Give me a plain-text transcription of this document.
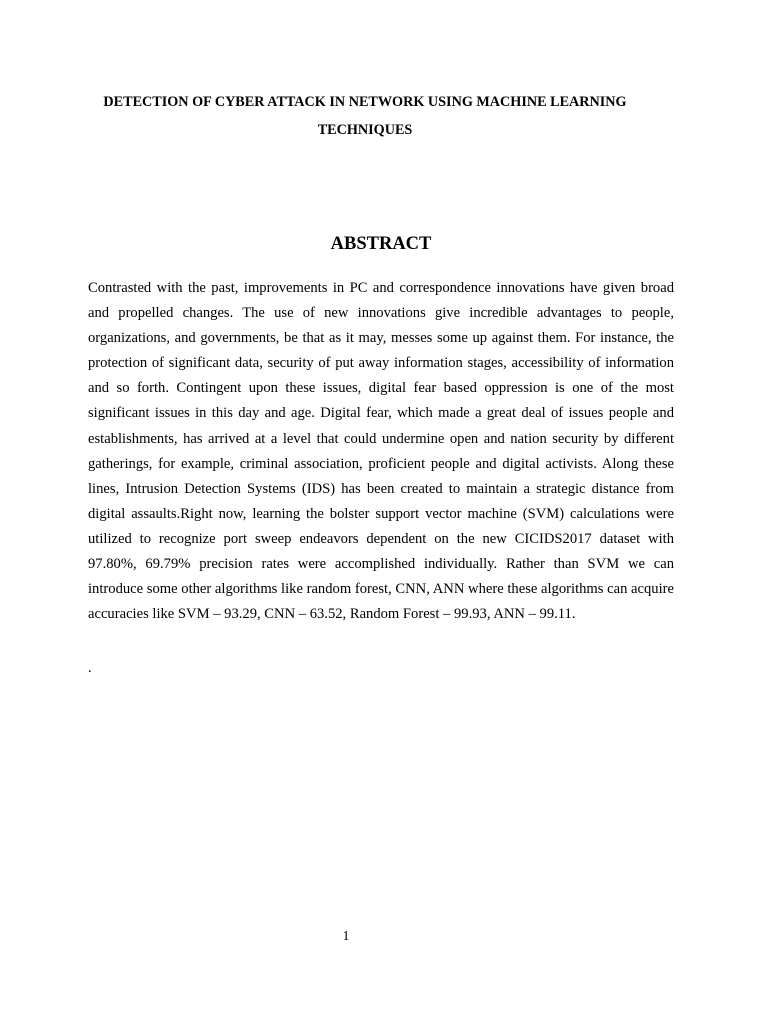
DETECTION OF CYBER ATTACK IN NETWORK USING MACHINE LEARNING
TECHNIQUES
ABSTRACT

Contrasted with the past, improvements in PC and correspondence innovations have given broad and propelled changes. The use of new innovations give incredible advantages to people, organizations, and governments, be that as it may, messes some up against them. For instance, the protection of significant data, security of put away information stages, accessibility of information and so forth. Contingent upon these issues, digital fear based oppression is one of the most significant issues in this day and age. Digital fear, which made a great deal of issues people and establishments, has arrived at a level that could undermine open and nation security by different gatherings, for example, criminal association, proficient people and digital activists. Along these lines, Intrusion Detection Systems (IDS) has been created to maintain a strategic distance from digital assaults.Right now, learning the bolster support vector machine (SVM) calculations were utilized to recognize port sweep endeavors dependent on the new CICIDS2017 dataset with 97.80%, 69.79% precision rates were accomplished individually. Rather than SVM we can introduce some other algorithms like random forest, CNN, ANN where these algorithms can acquire accuracies like SVM – 93.29, CNN – 63.52, Random Forest – 99.93, ANN – 99.11.

.

1
